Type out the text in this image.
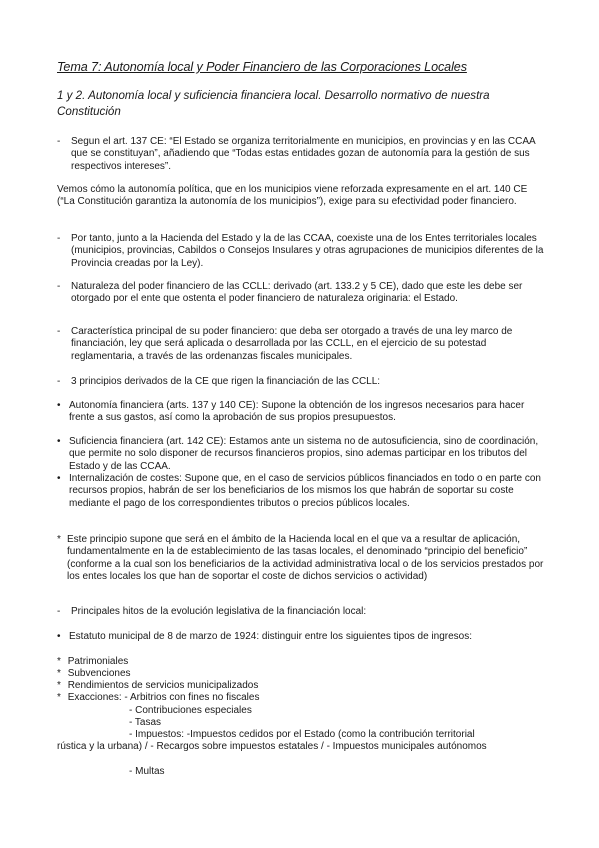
Tema 7: Autonomía local y Poder Financiero de las Corporaciones Locales
1 y 2. Autonomía local y suficiencia financiera local. Desarrollo normativo de nuestra Constitución
-	Segun el art. 137 CE: “El Estado se organiza territorialmente en municipios, en provincias y en las CCAA que se constituyan”, añadiendo que “Todas estas entidades gozan de autonomía para la gestión de sus respectivos intereses”.

Vemos cómo la autonomía política, que en los municipios viene reforzada expresamente en el art. 140 CE (“La Constitución garantiza la autonomía de los municipios”), exige para su efectividad poder financiero.

-	Por tanto, junto a la Hacienda del Estado y la de las CCAA, coexiste una de los Entes territoriales locales (municipios, provincias, Cabildos o Consejos Insulares y otras agrupaciones de municipios diferentes de la Provincia creadas por la Ley).
-	Naturaleza del poder financiero de las CCLL: derivado (art. 133.2 y 5 CE), dado que este les debe ser otorgado por el ente que ostenta el poder financiero de naturaleza originaria: el Estado.
-	Característica principal de su poder financiero: que deba ser otorgado a través de una ley marco de financiación, ley que será aplicada o desarrollada por las CCLL, en el ejercicio de su potestad reglamentaria, a través de las ordenanzas fiscales municipales.
-	3 principios derivados de la CE que rigen la financiación de las CCLL:
• Autonomía financiera (arts. 137 y 140 CE): Supone la obtención de los ingresos necesarios para hacer frente a sus gastos, así como la aprobación de sus propios presupuestos.
• Suficiencia financiera (art. 142 CE): Estamos ante un sistema no de autosuficiencia, sino de coordinación, que permite no solo disponer de recursos financieros propios, sino ademas participar en los tributos del Estado y de las CCAA.
• Internalización de costes: Supone que, en el caso de servicios públicos financiados en todo o en parte con recursos propios, habrán de ser los beneficiarios de los mismos los que habrán de soportar su coste mediante el pago de los correspondientes tributos o precios públicos locales.
* Este principio supone que será en el ámbito de la Hacienda local en el que va a resultar de aplicación, fundamentalmente en la de establecimiento de las tasas locales, el denominado “principio del beneficio” (conforme a la cual son los beneficiarios de la actividad administrativa local o de los servicios prestados por los entes locales los que han de soportar el coste de dichos servicios o actividad)
-	Principales hitos de la evolución legislativa de la financiación local:
• Estatuto municipal de 8 de marzo de 1924: distinguir entre los siguientes tipos de ingresos:
* Patrimoniales
* Subvenciones
* Rendimientos de servicios municipalizados
* Exacciones: - Arbitrios con fines no fiscales
- Contribuciones especiales
- Tasas
- Impuestos: -Impuestos cedidos por el Estado (como la contribución territorial
rústica y la urbana) / - Recargos sobre impuestos estatales / - Impuestos municipales autónomos
- Multas
